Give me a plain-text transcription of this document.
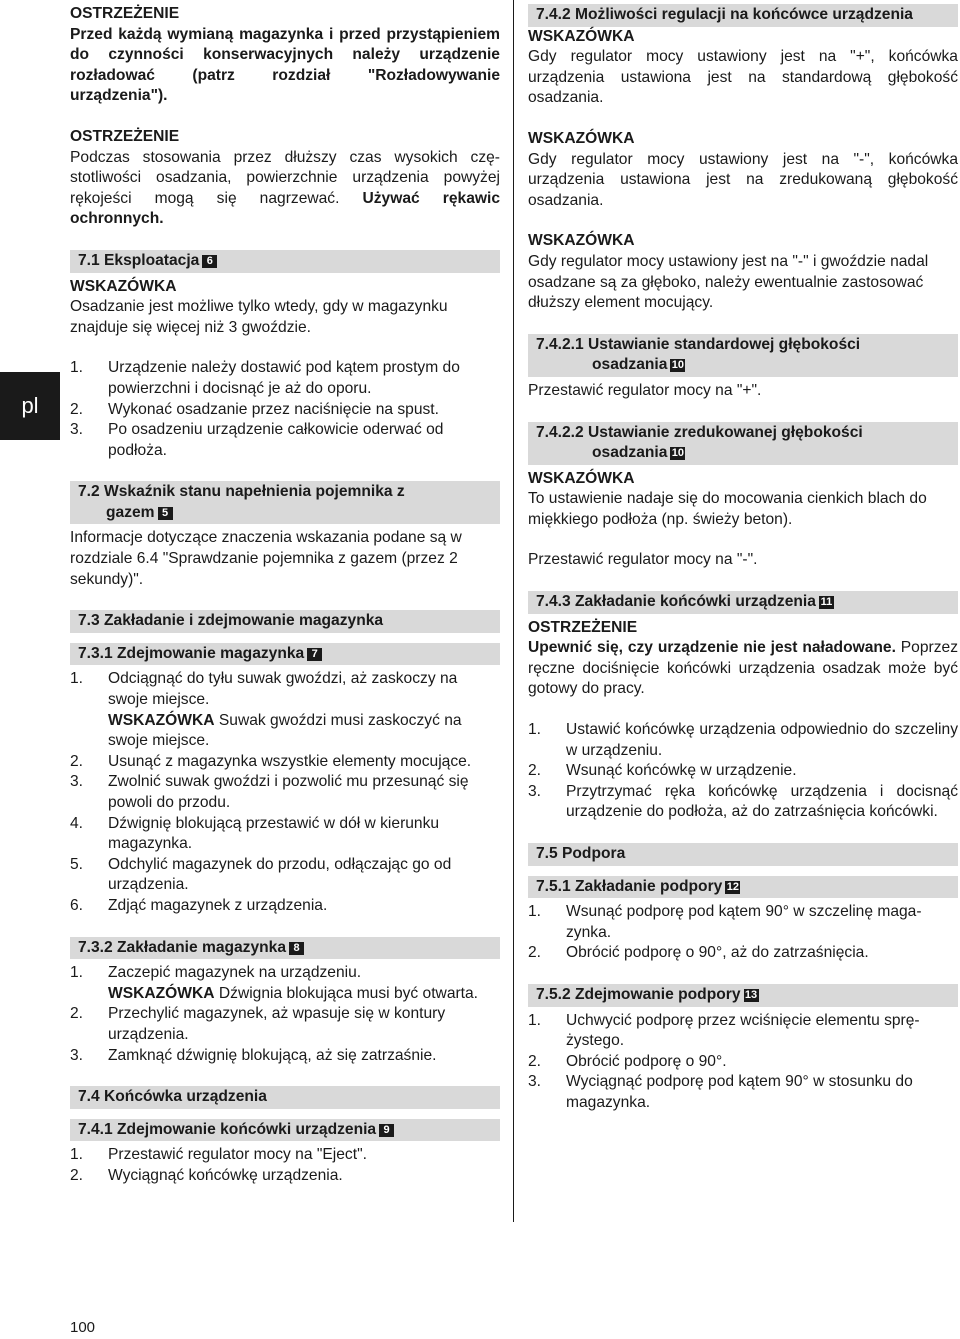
pl

OSTRZEŻENIE

Przed każdą wymianą magazynka i przed przystąpieniem do czynności konserwacyjnych należy urządzenie rozładować (patrz rozdział "Rozładowywanie urządzenia").

OSTRZEŻENIE

Podczas stosowania przez dłuższy czas wysokich częstotliwości osadzania, powierzchnie urządzenia powyżej rękojeści mogą się nagrzewać. Używać rękawic ochronnych.

7.1 Eksploatacja 6

WSKAZÓWKA

Osadzanie jest możliwe tylko wtedy, gdy w magazynku znajduje się więcej niż 3 gwoździe.

1. Urządzenie należy dostawić pod kątem prostym do powierzchni i docisnąć je aż do oporu.
2. Wykonać osadzanie przez naciśnięcie na spust.
3. Po osadzeniu urządzenie całkowicie oderwać od podłoża.

7.2 Wskaźnik stanu napełnienia pojemnika z
gazem 5

Informacje dotyczące znaczenia wskazania podane są w rozdziale 6.4 "Sprawdzanie pojemnika z gazem (przez 2 sekundy)".

7.3 Zakładanie i zdejmowanie magazynka

7.3.1 Zdejmowanie magazynka 7

1. Odciągnąć do tyłu suwak gwoździ, aż zaskoczy na swoje miejsce.
WSKAZÓWKA Suwak gwoździ musi zaskoczyć na swoje miejsce.
2. Usunąć z magazynka wszystkie elementy mocujące.
3. Zwolnić suwak gwoździ i pozwolić mu przesunąć się powoli do przodu.
4. Dźwignię blokującą przestawić w dół w kierunku magazynka.
5. Odchylić magazynek do przodu, odłączając go od urządzenia.
6. Zdjąć magazynek z urządzenia.

7.3.2 Zakładanie magazynka 8

1. Zaczepić magazynek na urządzeniu.
WSKAZÓWKA Dźwignia blokująca musi być otwarta.
2. Przechylić magazynek, aż wpasuje się w kontury urządzenia.
3. Zamknąć dźwignię blokującą, aż się zatrzaśnie.

7.4 Końcówka urządzenia

7.4.1 Zdejmowanie końcówki urządzenia 9

1. Przestawić regulator mocy na "Eject".
2. Wyciągnąć końcówkę urządzenia.

7.4.2 Możliwości regulacji na końcówce urządzenia

WSKAZÓWKA

Gdy regulator mocy ustawiony jest na "+", końcówka urządzenia ustawiona jest na standardową głębokość osadzania.

WSKAZÓWKA

Gdy regulator mocy ustawiony jest na "-", końcówka urządzenia ustawiona jest na zredukowaną głębokość osadzania.

WSKAZÓWKA

Gdy regulator mocy ustawiony jest na "-" i gwoździe nadal osadzane są za głęboko, należy ewentualnie zastosować dłuższy element mocujący.

7.4.2.1 Ustawianie standardowej głębokości
osadzania 10

Przestawić regulator mocy na "+".

7.4.2.2 Ustawianie zredukowanej głębokości
osadzania 10

WSKAZÓWKA

To ustawienie nadaje się do mocowania cienkich blach do miękkiego podłoża (np. świeży beton).

Przestawić regulator mocy na "-".

7.4.3 Zakładanie końcówki urządzenia 11

OSTRZEŻENIE

Upewnić się, czy urządzenie nie jest naładowane. Poprzez ręczne dociśnięcie końcówki urządzenia osadzak może być gotowy do pracy.

1. Ustawić końcówkę urządzenia odpowiednio do szczeliny w urządzeniu.
2. Wsunąć końcówkę w urządzenie.
3. Przytrzymać ręka końcówkę urządzenia i docisnąć urządzenie do podłoża, aż do zatrzaśnięcia końcówki.

7.5 Podpora

7.5.1 Zakładanie podpory 12

1. Wsunąć podporę pod kątem 90° w szczelinę magazynka.
2. Obrócić podporę o 90°, aż do zatrzaśnięcia.

7.5.2 Zdejmowanie podpory 13

1. Uchwycić podporę przez wciśnięcie elementu sprężystego.
2. Obrócić podporę o 90°.
3. Wyciągnąć podporę pod kątem 90° w stosunku do magazynka.
100
